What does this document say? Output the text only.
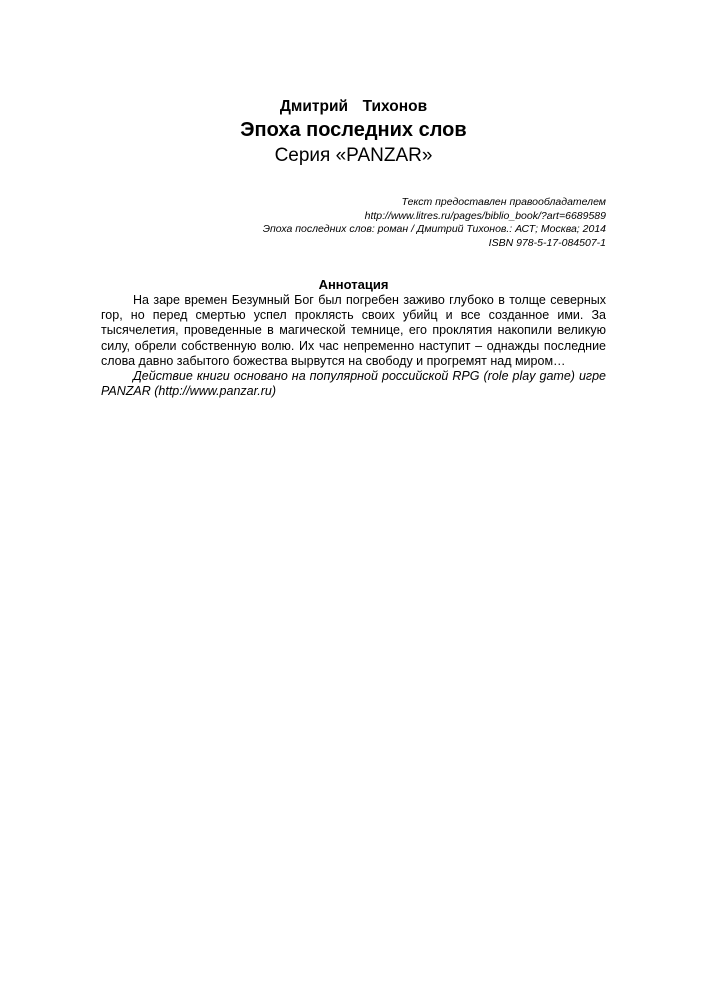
Дмитрий  Тихонов
Эпоха последних слов
Серия «PANZAR»
Текст предоставлен правообладателем
http://www.litres.ru/pages/biblio_book/?art=6689589
Эпоха последних слов: роман / Дмитрий Тихонов.: АСТ; Москва; 2014
ISBN 978-5-17-084507-1
Аннотация

На заре времен Безумный Бог был погребен заживо глубоко в толще северных гор, но перед смертью успел проклясть своих убийц и все созданное ими. За тысячелетия, проведенные в магической темнице, его проклятия накопили великую силу, обрели собственную волю. Их час непременно наступит – однажды последние слова давно забытого божества вырвутся на свободу и прогремят над миром…

Действие книги основано на популярной российской RPG (role play game) игре PANZAR (http://www.panzar.ru)
